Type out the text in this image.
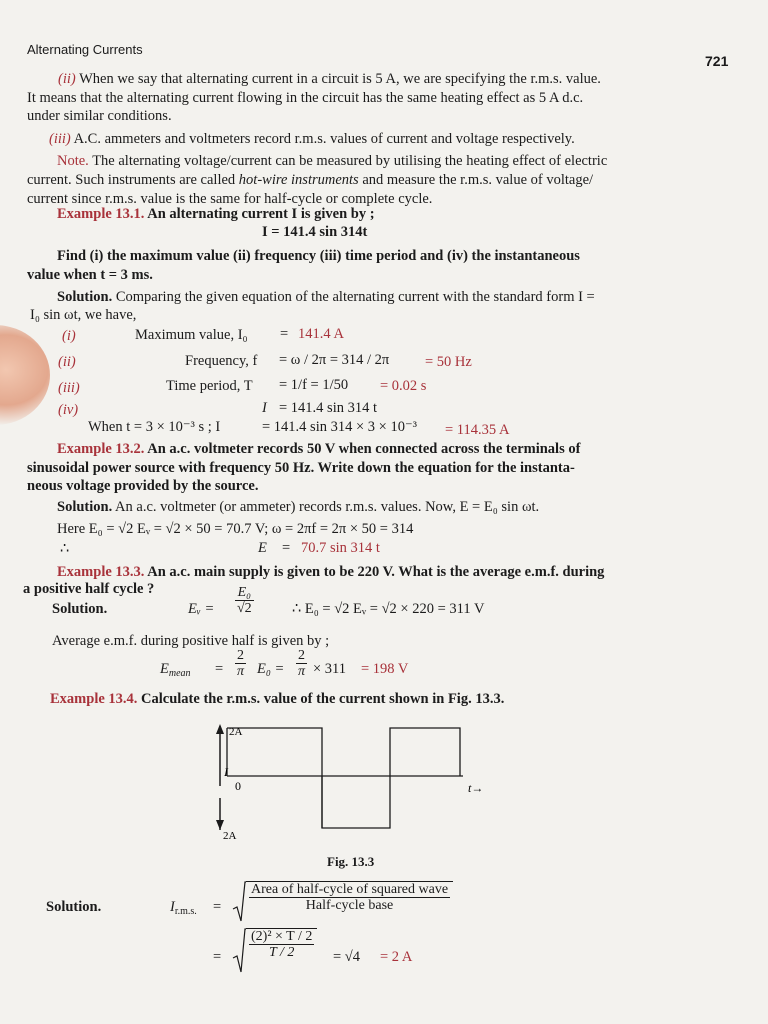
Alternating Currents
721
(ii) When we say that alternating current in a circuit is 5 A, we are specifying the r.m.s. value.
It means that the alternating current flowing in the circuit has the same heating effect as 5 A d.c.
under similar conditions.
(iii) A.C. ammeters and voltmeters record r.m.s. values of current and voltage respectively.
Note. The alternating voltage/current can be measured by utilising the heating effect of electric
current. Such instruments are called hot-wire instruments and measure the r.m.s. value of voltage/
current since r.m.s. value is the same for half-cycle or complete cycle.
Example 13.1. An alternating current I is given by ;
I = 141.4 sin 314t
Find (i) the maximum value (ii) frequency (iii) time period and (iv) the instantaneous
value when t = 3 ms.
Solution. Comparing the given equation of the alternating current with the standard form I =
I₀ sin ωt, we have,
(i)	Maximum value, I₀ = 141.4 A
(ii)	Frequency, f = ω / 2π = 314 / 2π = 50 Hz
(iii)	Time period, T = 1/f = 1/50 = 0.02 s
(iv)	I = 141.4 sin 314 t
When t = 3 × 10⁻³ s ; I	= 141.4 sin 314 × 3 × 10⁻³ = 114.35 A
Example 13.2. An a.c. voltmeter records 50 V when connected across the terminals of
sinusoidal power source with frequency 50 Hz. Write down the equation for the instanta-
neous voltage provided by the source.
Solution. An a.c. voltmeter (or ammeter) records r.m.s. values. Now, E = E₀ sin ωt.
Here E₀ = √2 Eᵥ = √2 × 50 = 70.7 V; ω = 2πf = 2π × 50 = 314
∴	E = 70.7 sin 314 t
Example 13.3. An a.c. main supply is given to be 220 V. What is the average e.m.f. during
a positive half cycle ?
Solution.	Eᵥ = $\frac{\text{E₀}}{√2}$	∴ E₀ = √2 Eᵥ = √2 × 220 = 311 V
Average e.m.f. during positive half is given by ;
$E_{mean} = \frac{2}{\pi} E_0 = \frac{2}{\pi} \times 311 = 198$ V
Example 13.4. Calculate the r.m.s. value of the current shown in Fig. 13.3.
2A
2A
I
0	t→
Fig. 13.3
Solution.	$I_{r.m.s.} = \frac{\text{Area of half-cycle of squared wave}}{\text{Half-cycle base}}$
= $\frac{\text{(2)² × T / 2}}{T / 2} = √4 = 2$ A
